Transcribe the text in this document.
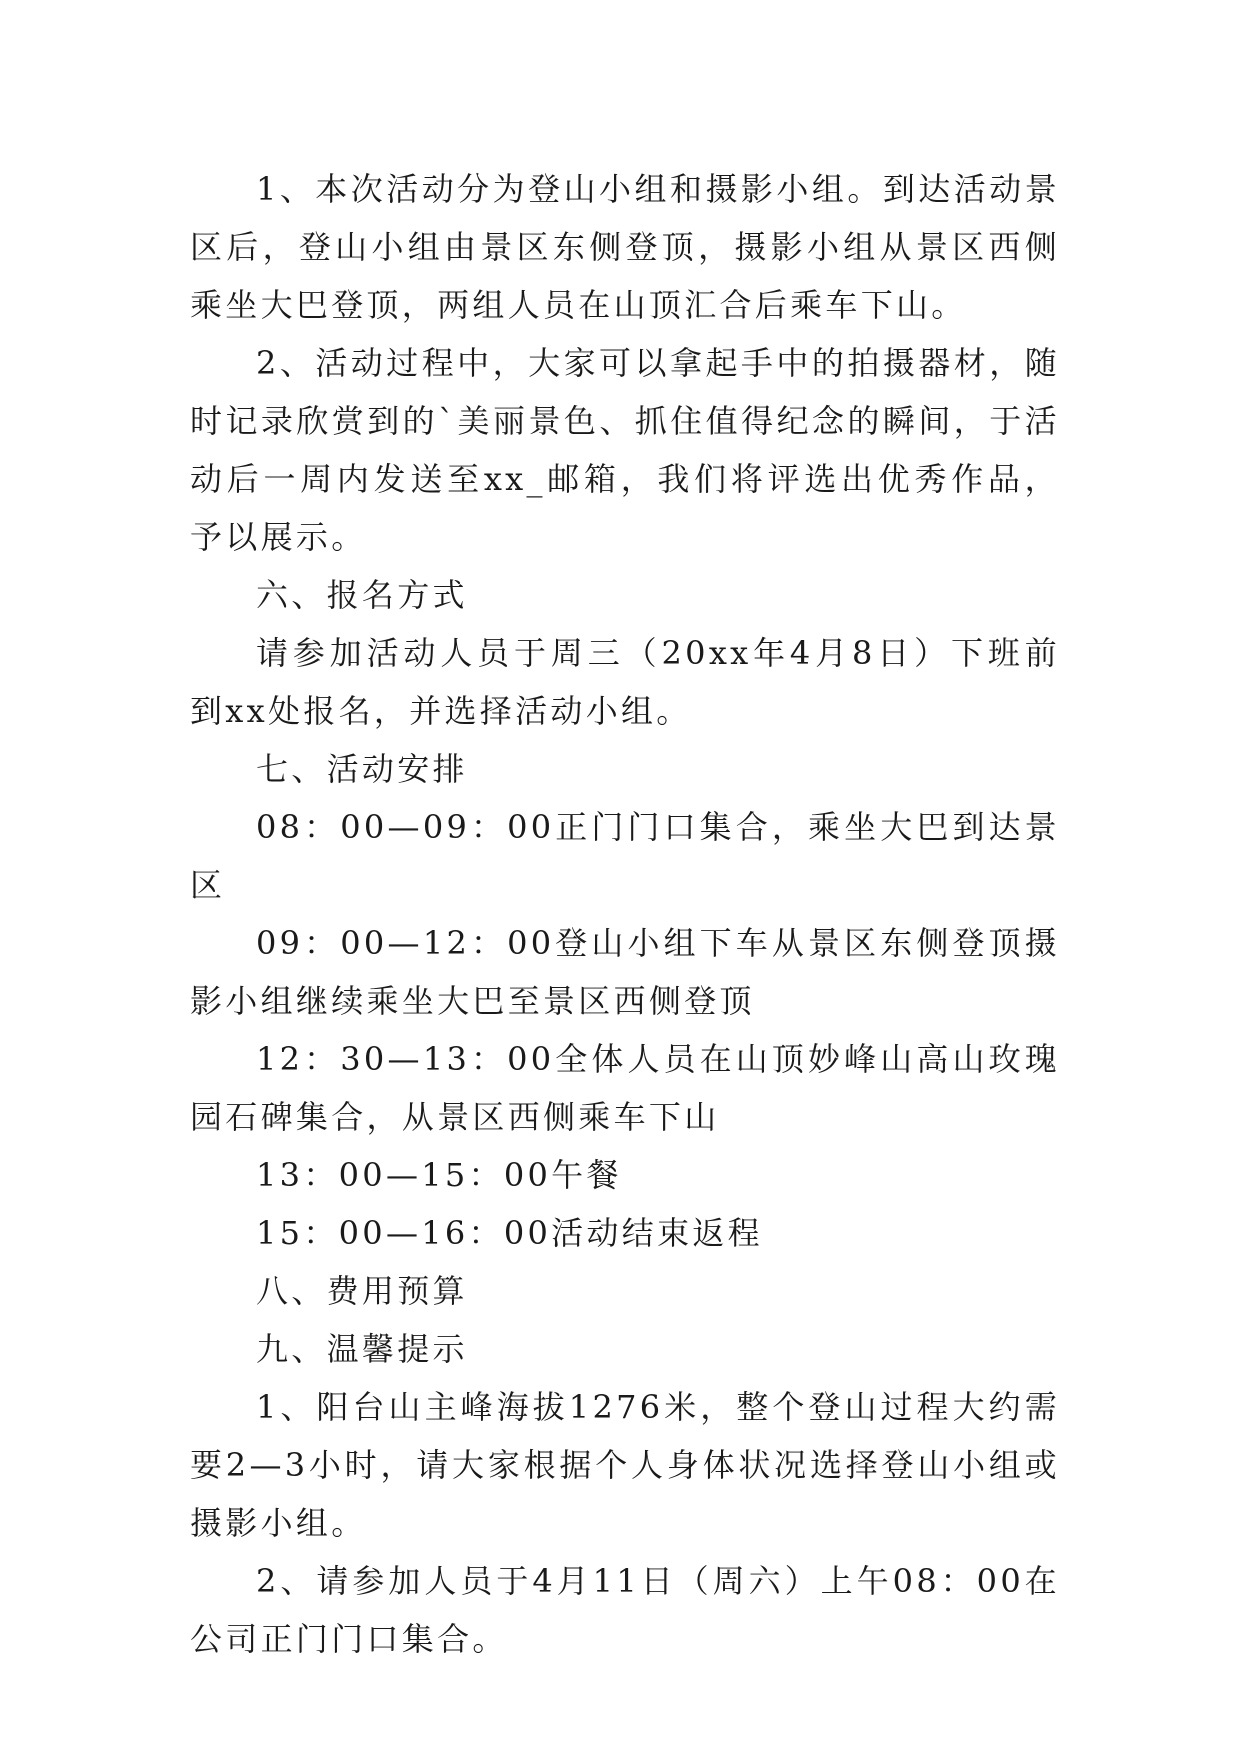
1、本次活动分为登山小组和摄影小组。到达活动景区后，登山小组由景区东侧登顶，摄影小组从景区西侧乘坐大巴登顶，两组人员在山顶汇合后乘车下山。

2、活动过程中，大家可以拿起手中的拍摄器材，随时记录欣赏到的`美丽景色、抓住值得纪念的瞬间，于活动后一周内发送至xx_邮箱，我们将评选出优秀作品，予以展示。

六、报名方式

请参加活动人员于周三（20xx年4月8日）下班前到xx处报名，并选择活动小组。

七、活动安排

08：00—09：00正门门口集合，乘坐大巴到达景区

09：00—12：00登山小组下车从景区东侧登顶摄影小组继续乘坐大巴至景区西侧登顶

12：30—13：00全体人员在山顶妙峰山高山玫瑰园石碑集合，从景区西侧乘车下山

13：00—15：00午餐

15：00—16：00活动结束返程

八、费用预算

九、温馨提示

1、阳台山主峰海拔1276米，整个登山过程大约需要2—3小时，请大家根据个人身体状况选择登山小组或摄影小组。

2、请参加人员于4月11日（周六）上午08：00在公司正门门口集合。
